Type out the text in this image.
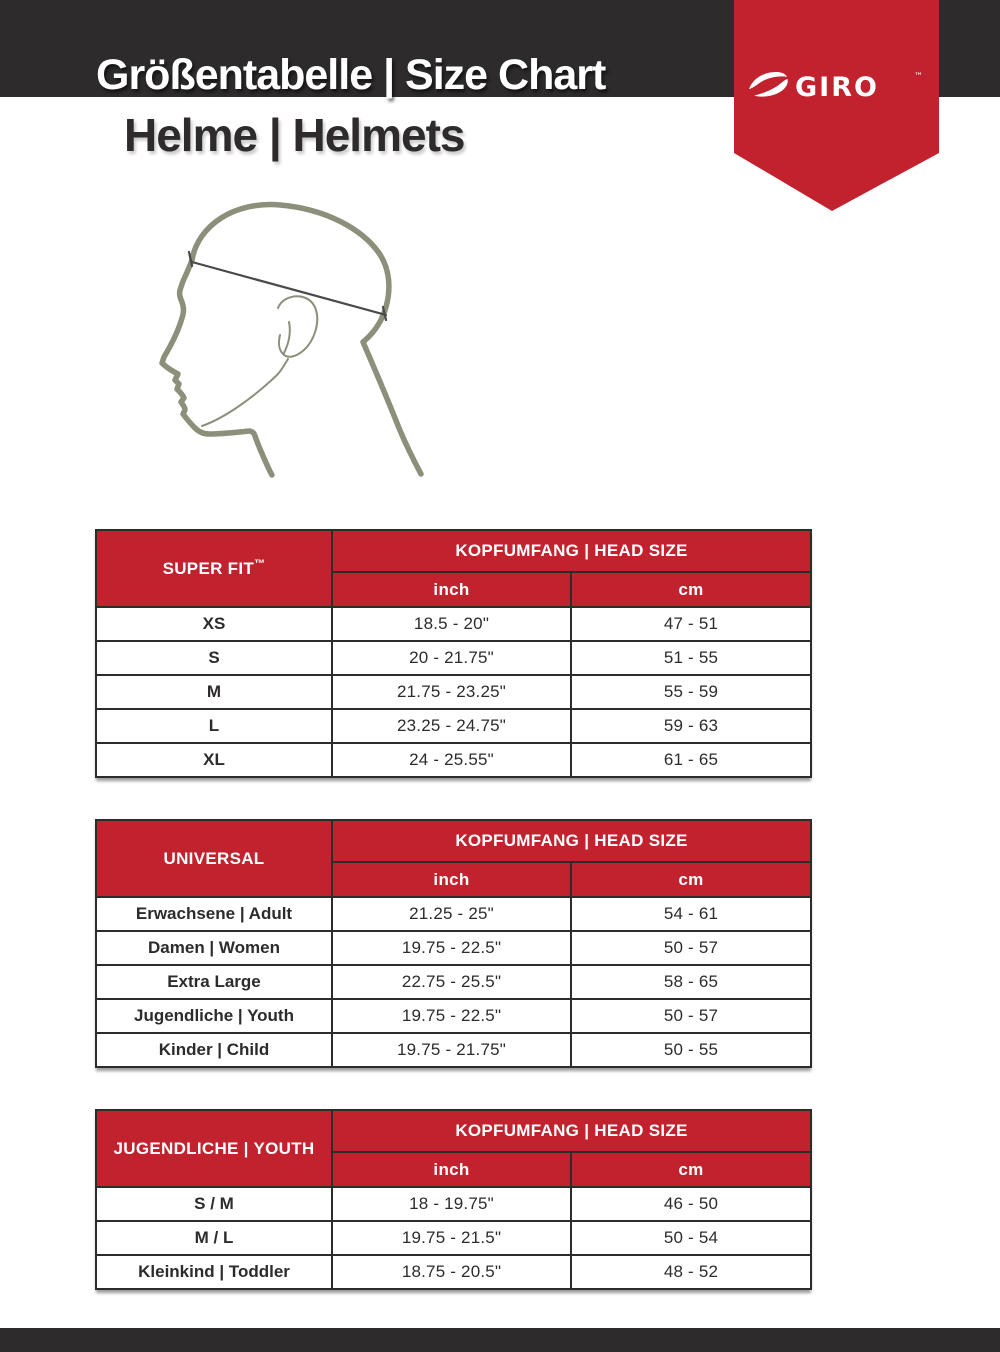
Größentabelle | Size Chart
Helme | Helmets
GIRO	™
SUPER FIT™	KOPFUMFANG | HEAD SIZE	
	inch	cm
XS	18.5 - 20"	47 - 51
S	20 - 21.75"	51 - 55
M	21.75 - 23.25"	55 - 59
L	23.25 - 24.75"	59 - 63
XL	24 - 25.55"	61 - 65
UNIVERSAL	KOPFUMFANG | HEAD SIZE	
	inch	cm
Erwachsene | Adult	21.25 - 25"	54 - 61
Damen | Women	19.75 - 22.5"	50 - 57
Extra Large	22.75 - 25.5"	58 - 65
Jugendliche | Youth	19.75 - 22.5"	50 - 57
Kinder | Child	19.75 - 21.75"	50 - 55
JUGENDLICHE | YOUTH	KOPFUMFANG | HEAD SIZE	
	inch	cm
S / M	18 - 19.75"	46 - 50
M / L	19.75 - 21.5"	50 - 54
Kleinkind | Toddler	18.75 - 20.5"	48 - 52
